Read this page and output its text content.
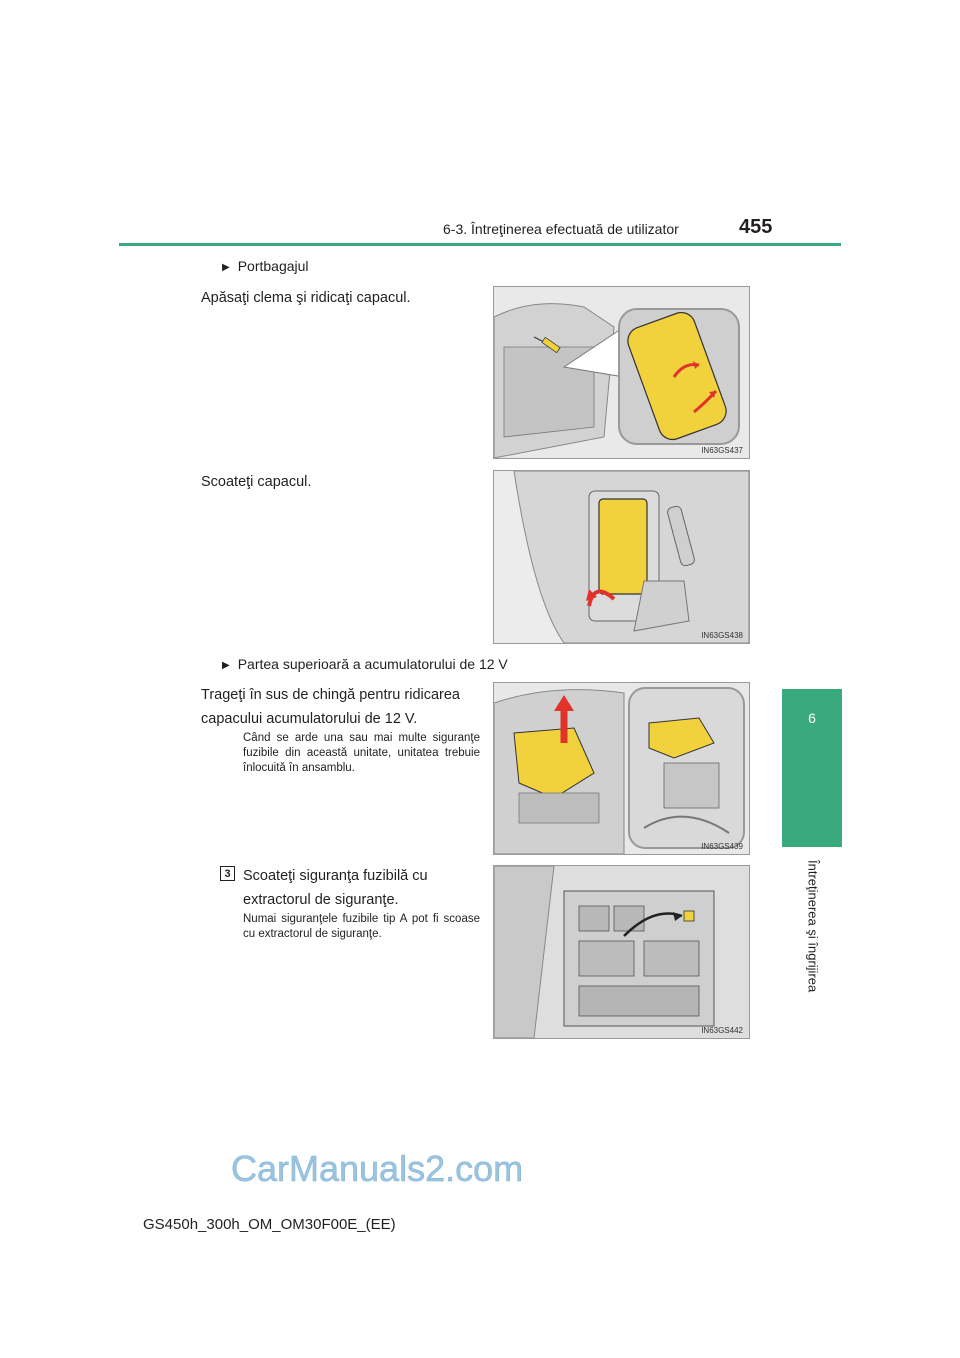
6-3. Întreţinerea efectuată de utilizator	455
6
Întreţinerea şi îngrijirea
▶ Portbagajul
Apăsaţi clema şi ridicaţi capacul.
IN63GS437
Scoateţi capacul.
IN63GS438
▶ Partea superioară a acumulatorului de 12 V
Trageţi în sus de chingă pentru ridicarea capacului acumulatorului de 12 V.
Când se arde una sau mai multe siguranţe fuzibile din această unitate, unitatea trebuie înlocuită în ansamblu.
IN63GS439
3 Scoateţi siguranţa fuzibilă cu extractorul de siguranţe.
Numai siguranţele fuzibile tip A pot fi scoase cu extractorul de siguranţe.
IN63GS442
CarManuals2.com
GS450h_300h_OM_OM30F00E_(EE)
